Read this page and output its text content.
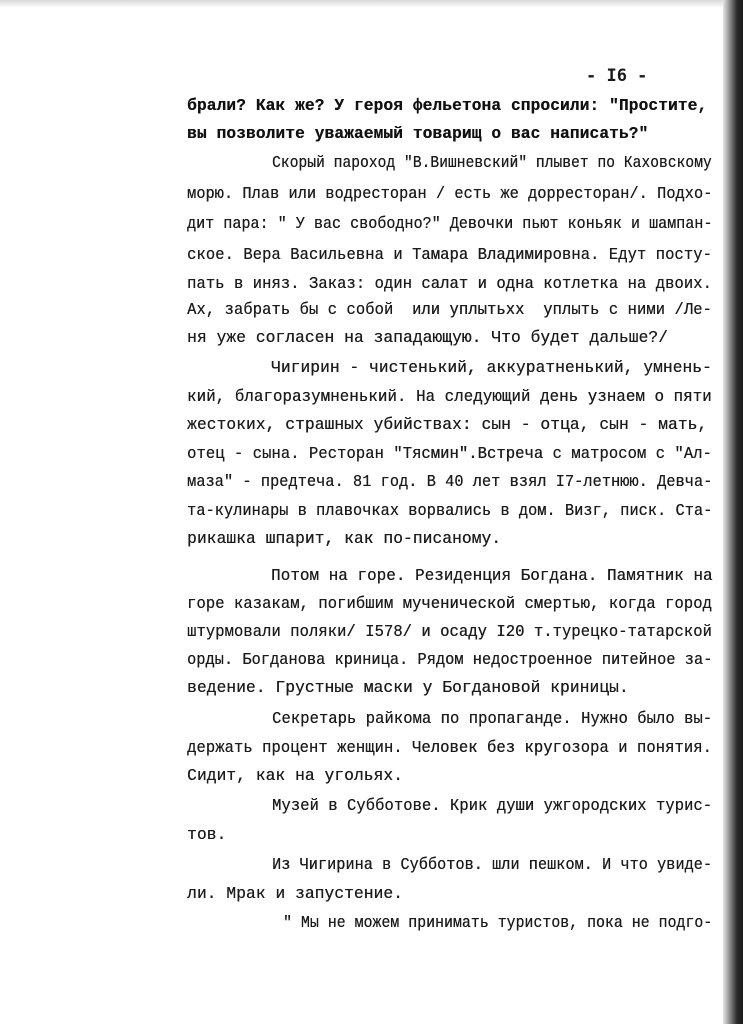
- I6 -
брали? Как же? У героя фельетона спросили: "Простите,
вы позволите уважаемый товарищ о вас написать?"
Скорый пароход "В.Вишневский" плывет по Каховскому
морю. Плав или водресторан / есть же дорресторан/. Подхо-
дит пара: " У вас свободно?" Девочки пьют коньяк и шампан-
ское. Вера Васильевна и Тамара Владимировна. Едут посту-
пать в иняз. Заказ: один салат и одна котлетка на двоих.
Ах, забрать бы с собой  или уплытьхх  уплыть с ними /Ле-
ня уже согласен на западающую. Что будет дальше?/
Чигирин - чистенький, аккуратненький, умнень-
кий, благоразумненький. На следующий день узнаем о пяти
жестоких, страшных убийствах: сын - отца, сын - мать,
отец - сына. Ресторан "Тясмин".Встреча с матросом с "Ал-
маза" - предтеча. 81 год. В 40 лет взял I7-летнюю. Девча-
та-кулинары в плавочках ворвались в дом. Визг, писк. Ста-
рикашка шпарит, как по-писаному.
Потом на горе. Резиденция Богдана. Памятник на
горе казакам, погибшим мученической смертью, когда город
штурмовали поляки/ I578/ и осаду I20 т.турецко-татарской
орды. Богданова криница. Рядом недостроенное питейное за-
ведение. Грустные маски у Богдановой криницы.
Секретарь райкома по пропаганде. Нужно было вы-
держать процент женщин. Человек без кругозора и понятия.
Сидит, как на угольях.
Музей в Субботове. Крик души ужгородских турис-
тов.
Из Чигирина в Субботов. шли пешком. И что увиде-
ли. Мрак и запустение.
" Мы не можем принимать туристов, пока не подго-
